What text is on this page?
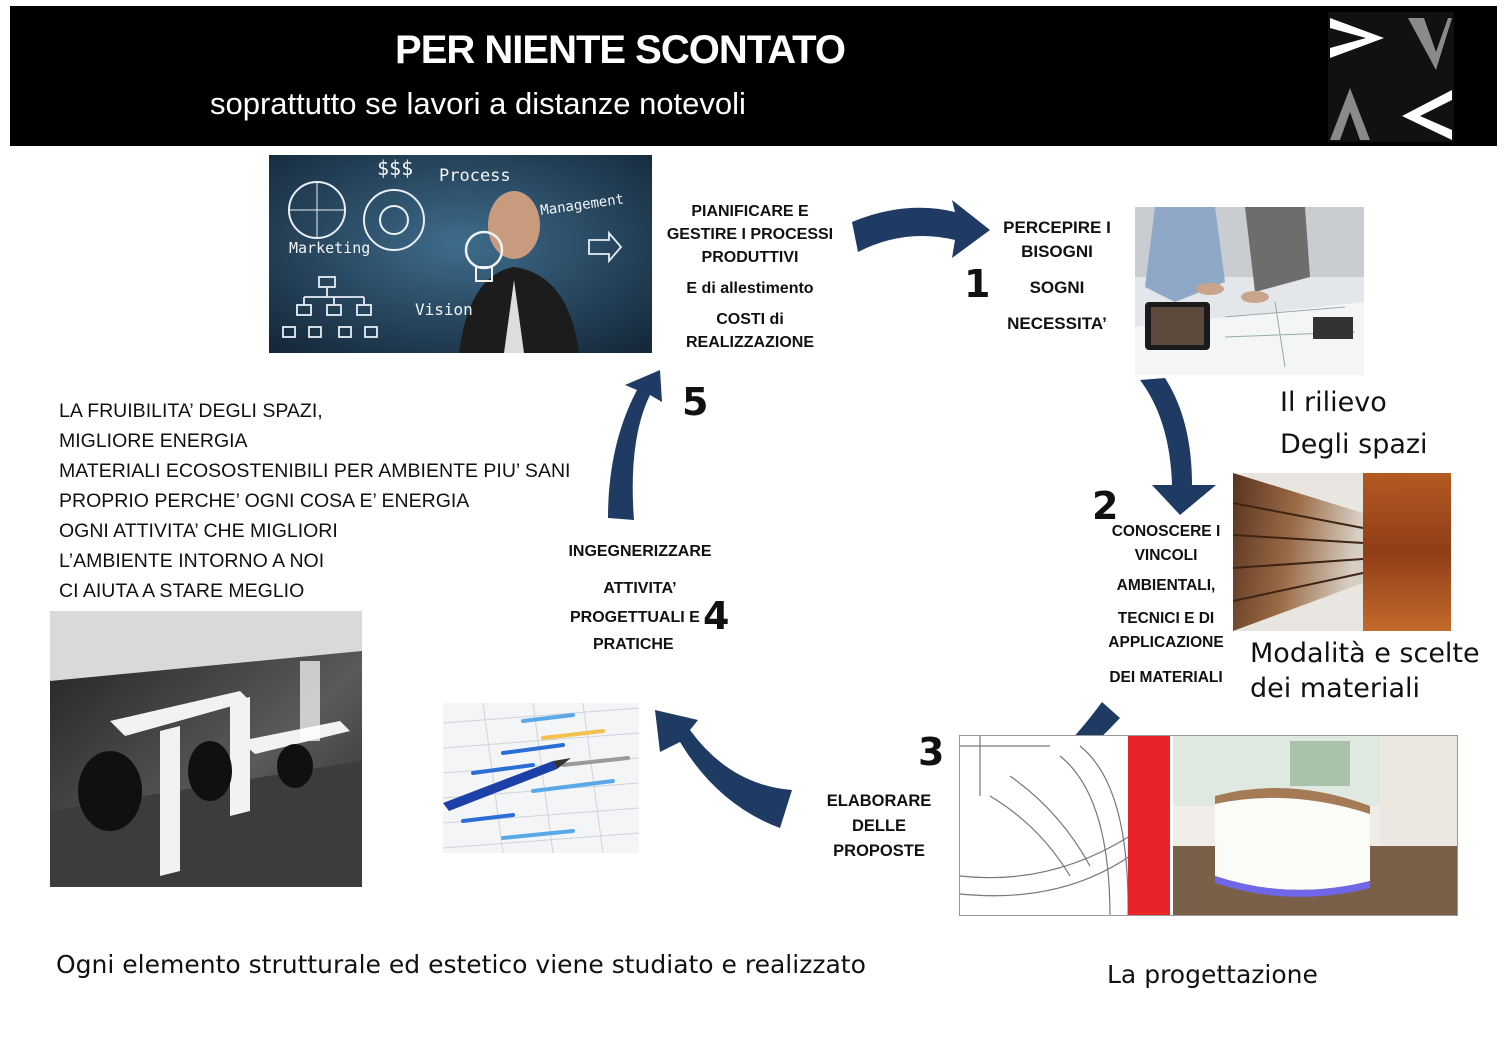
PER NIENTE SCONTATO
soprattutto se lavori a distanze notevoli
$$$ Process
Management
Marketing
Vision
PIANIFICARE E
GESTIRE I PROCESSI
PRODUTTIVI
E di allestimento
COSTI di
REALIZZAZIONE
1
PERCEPIRE I
BISOGNI
SOGNI
NECESSITA’
Il rilievo
Degli spazi
2
CONOSCERE I
VINCOLI
AMBIENTALI,
TECNICI E DI
APPLICAZIONE
DEI MATERIALI
Modalità e scelte
dei materiali
3
ELABORARE
DELLE
PROPOSTE
INGEGNERIZZARE
ATTIVITA’
PROGETTUALI E
PRATICHE
4
5
LA FRUIBILITA’ DEGLI SPAZI,
MIGLIORE ENERGIA
MATERIALI ECOSOSTENIBILI PER AMBIENTE PIU’ SANI
PROPRIO PERCHE’ OGNI COSA E’ ENERGIA
OGNI ATTIVITA’ CHE MIGLIORI
L’AMBIENTE INTORNO A NOI
CI AIUTA A STARE MEGLIO
Ogni elemento strutturale ed estetico viene studiato e realizzato	La progettazione
